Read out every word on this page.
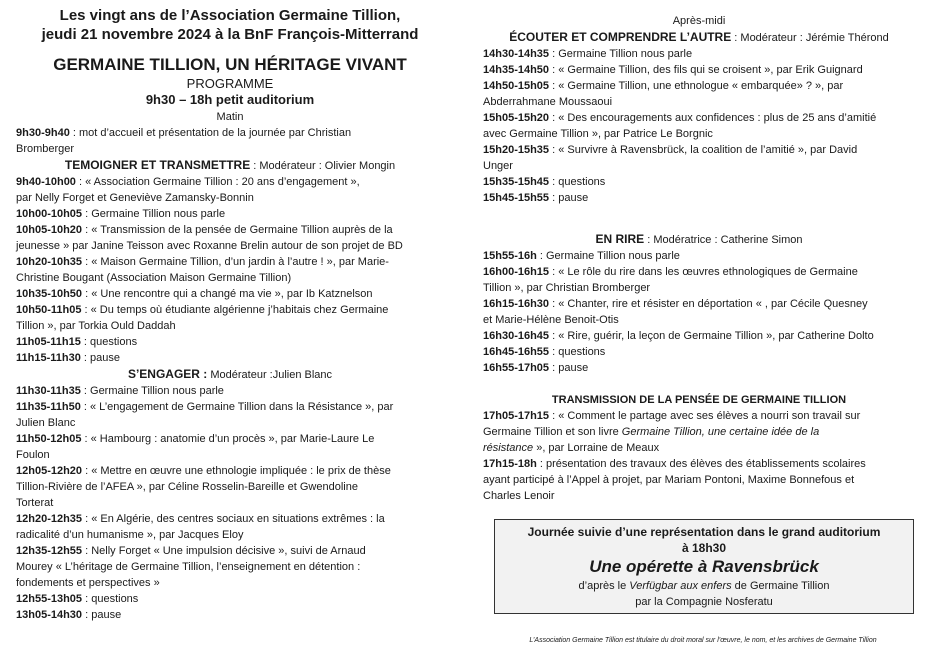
Les vingt ans de l’Association Germaine Tillion,
jeudi 21 novembre 2024 à la BnF François-Mitterrand
GERMAINE TILLION, UN HÉRITAGE VIVANT
PROGRAMME
9h30 – 18h petit auditorium
Matin
9h30-9h40 : mot d’accueil et présentation de la journée par Christian
Bromberger
TEMOIGNER ET TRANSMETTRE : Modérateur : Olivier Mongin
9h40-10h00 : « Association Germaine Tillion : 20 ans d’engagement »,
par Nelly Forget et Geneviève Zamansky-Bonnin
10h00-10h05 : Germaine Tillion nous parle
10h05-10h20 : « Transmission de la pensée de Germaine Tillion auprès de la
jeunesse » par Janine Teisson avec Roxanne Brelin autour de son projet de BD
10h20-10h35 : « Maison Germaine Tillion, d’un jardin à l’autre ! », par Marie-
Christine Bougant (Association Maison Germaine Tillion)
10h35-10h50 : « Une rencontre qui a changé ma vie », par Ib Katznelson
10h50-11h05 : « Du temps où étudiante algérienne j’habitais chez Germaine
Tillion », par Torkia Ould Daddah
11h05-11h15 : questions
11h15-11h30 : pause
S’ENGAGER : Modérateur :Julien Blanc
11h30-11h35 : Germaine Tillion nous parle
11h35-11h50 : « L’engagement de Germaine Tillion dans la Résistance », par
Julien Blanc
11h50-12h05 : « Hambourg : anatomie d’un procès », par Marie-Laure Le
Foulon
12h05-12h20 : « Mettre en œuvre une ethnologie impliquée : le prix de thèse
Tillion-Rivière de l’AFEA », par Céline Rosselin-Bareille et Gwendoline
Torterat
12h20-12h35 : « En Algérie, des centres sociaux en situations extrêmes : la
radicalité d’un humanisme », par Jacques Eloy
12h35-12h55 : Nelly Forget « Une impulsion décisive », suivi de Arnaud
Mourey « L’héritage de Germaine Tillion, l’enseignement en détention :
fondements et perspectives »
12h55-13h05 : questions
13h05-14h30 : pause
Après-midi
ÉCOUTER ET COMPRENDRE L’AUTRE : Modérateur : Jérémie Thérond
14h30-14h35 : Germaine Tillion nous parle
14h35-14h50 : « Germaine Tillion, des fils qui se croisent », par Erik Guignard
14h50-15h05 : « Germaine Tillion, une ethnologue « embarquée» ? », par
Abderrahmane Moussaoui
15h05-15h20 : « Des encouragements aux confidences : plus de 25 ans d’amitié
avec Germaine Tillion », par Patrice Le Borgnic
15h20-15h35 : « Survivre à Ravensbrück, la coalition de l’amitié », par David
Unger
15h35-15h45 : questions
15h45-15h55 : pause
EN RIRE : Modératrice : Catherine Simon
15h55-16h : Germaine Tillion nous parle
16h00-16h15 : « Le rôle du rire dans les œuvres ethnologiques de Germaine
Tillion », par Christian Bromberger
16h15-16h30 : « Chanter, rire et résister en déportation « , par Cécile Quesney
et Marie-Hélène Benoit-Otis
16h30-16h45 : « Rire, guérir, la leçon de Germaine Tillion », par Catherine Dolto
16h45-16h55 : questions
16h55-17h05 : pause
TRANSMISSION DE LA PENSÉE DE GERMAINE TILLION
17h05-17h15 : « Comment le partage avec ses élèves a nourri son travail sur
Germaine Tillion et son livre Germaine Tillion, une certaine idée de la
résistance », par Lorraine de Meaux
17h15-18h : présentation des travaux des élèves des établissements scolaires
ayant participé à l’Appel à projet, par Mariam Pontoni, Maxime Bonnefous et
Charles Lenoir
Journée suivie d’une représentation dans le grand auditorium
à 18h30
Une opérette à Ravensbrück
d’après le Verfügbar aux enfers de Germaine Tillion
par la Compagnie Nosferatu
L’Association Germaine Tillion est titulaire du droit moral sur l’œuvre, le nom, et les archives de Germaine Tillion
